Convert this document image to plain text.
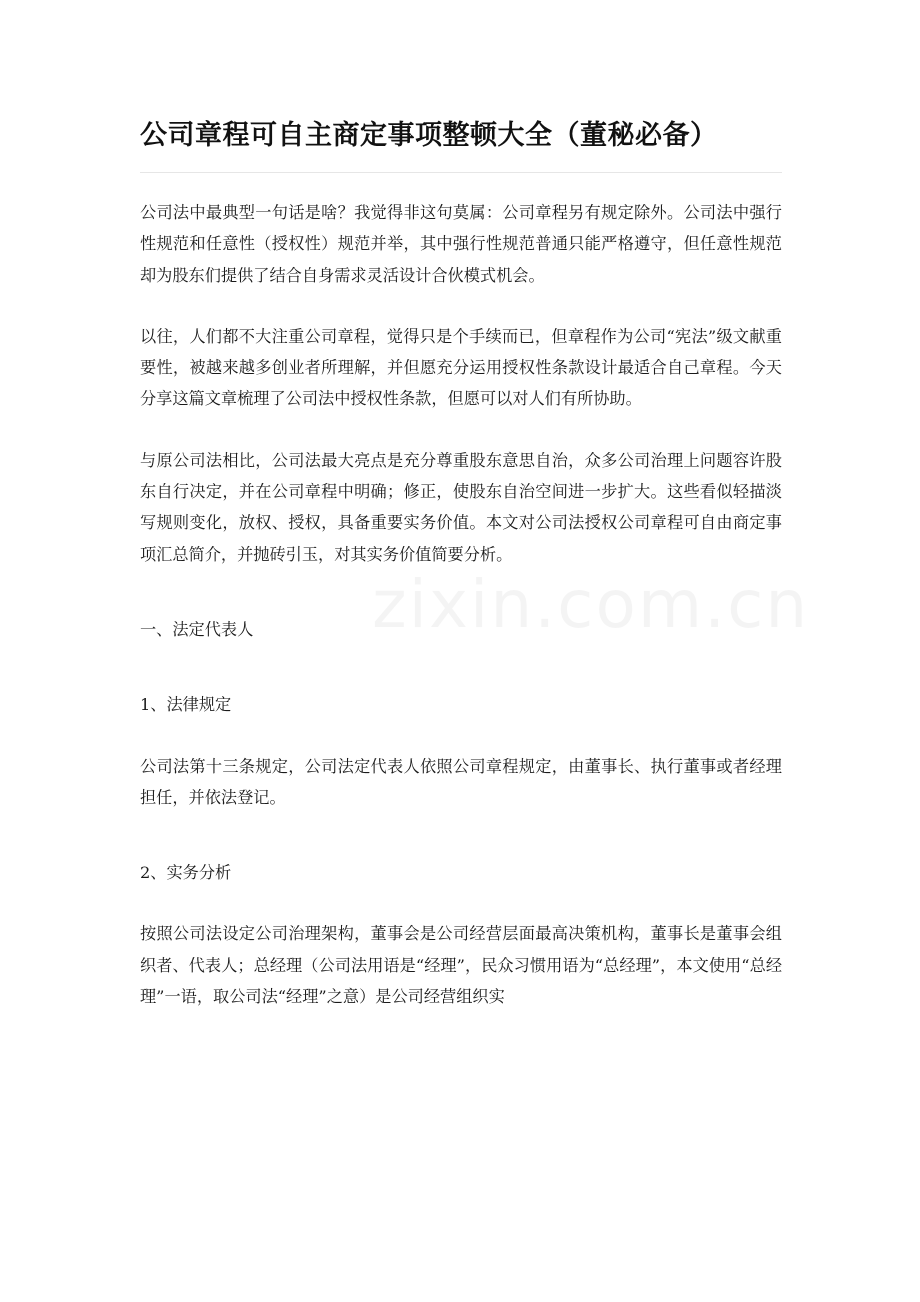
公司章程可自主商定事项整顿大全（董秘必备）

公司法中最典型一句话是啥？我觉得非这句莫属：公司章程另有规定除外。公司法中强行性规范和任意性（授权性）规范并举，其中强行性规范普通只能严格遵守，但任意性规范却为股东们提供了结合自身需求灵活设计合伙模式机会。

以往，人们都不大注重公司章程，觉得只是个手续而已，但章程作为公司“宪法”级文献重要性，被越来越多创业者所理解，并但愿充分运用授权性条款设计最适合自己章程。今天分享这篇文章梳理了公司法中授权性条款，但愿可以对人们有所协助。

与原公司法相比，公司法最大亮点是充分尊重股东意思自治，众多公司治理上问题容许股东自行决定，并在公司章程中明确；修正，使股东自治空间进一步扩大。这些看似轻描淡写规则变化，放权、授权，具备重要实务价值。本文对公司法授权公司章程可自由商定事项汇总简介，并抛砖引玉，对其实务价值简要分析。

一、法定代表人

1、法律规定

公司法第十三条规定，公司法定代表人依照公司章程规定，由董事长、执行董事或者经理担任，并依法登记。

2、实务分析

按照公司法设定公司治理架构，董事会是公司经营层面最高决策机构，董事长是董事会组织者、代表人；总经理（公司法用语是“经理”，民众习惯用语为“总经理”，本文使用“总经理”一语，取公司法“经理”之意）是公司经营组织实
